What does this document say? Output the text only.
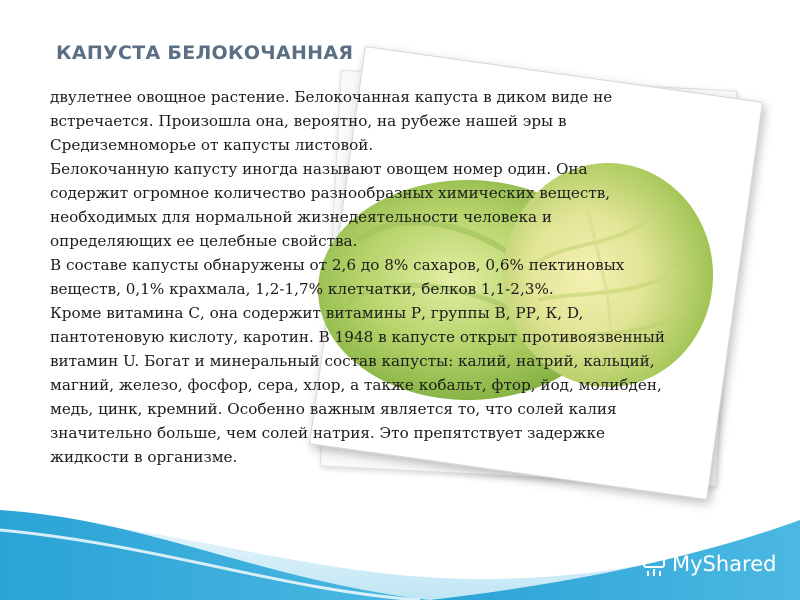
КАПУСТА БЕЛОКОЧАННАЯ

двулетнее овощное растение. Белокочанная капуста в диком виде не встречается. Произошла она, вероятно, на рубеже нашей эры в Средиземноморье от капусты листовой.

Белокочанную капусту иногда называют овощем номер один. Она содержит огромное количество разнообразных химических веществ, необходимых для нормальной жизнедеятельности человека и определяющих ее целебные свойства.

В составе капусты обнаружены от 2,6 до 8% сахаров, 0,6% пектиновых веществ, 0,1% крахмала, 1,2-1,7% клетчатки, белков 1,1-2,3%.

Кроме витамина С, она содержит витамины Р, группы В, РР, К, D, пантотеновую кислоту, каротин. В 1948 в капусте открыт противоязвенный витамин U. Богат и минеральный состав капусты: калий, натрий, кальций, магний, железо, фосфор, сера, хлор, а также кобальт, фтор, йод, молибден, медь, цинк, кремний. Особенно важным является то, что солей калия значительно больше, чем солей натрия. Это препятствует задержке жидкости в организме.

MyShared
